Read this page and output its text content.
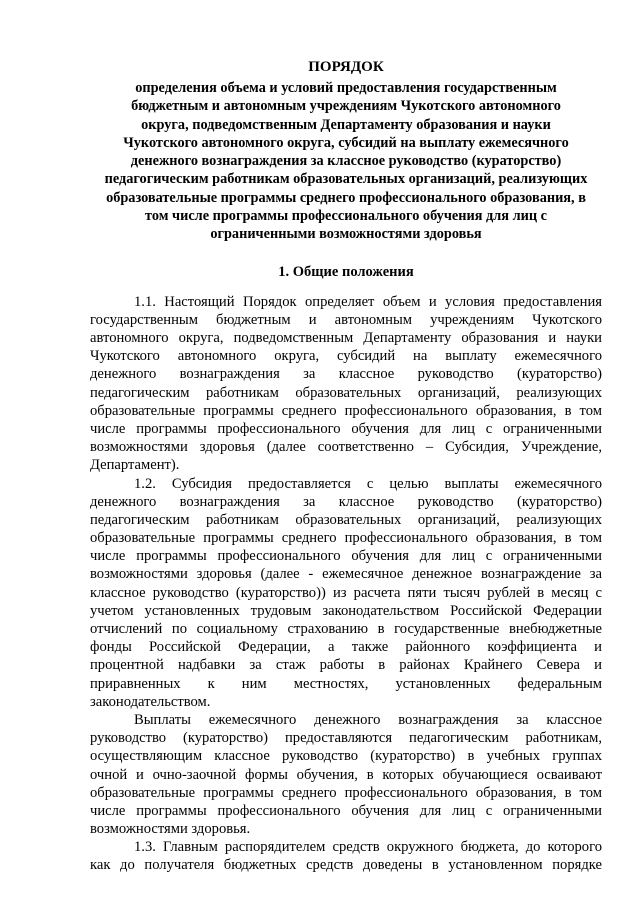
ПОРЯДОК
определения объема и условий предоставления государственным
бюджетным и автономным учреждениям Чукотского автономного
округа, подведомственным Департаменту образования и науки
Чукотского автономного округа, субсидий на выплату ежемесячного
денежного вознаграждения за классное руководство (кураторство)
педагогическим работникам образовательных организаций, реализующих
образовательные программы среднего профессионального образования, в
том числе программы профессионального обучения для лиц с
ограниченными возможностями здоровья
1. Общие положения

1.1. Настоящий Порядок определяет объем и условия предоставления
государственным бюджетным и автономным учреждениям Чукотского
автономного округа, подведомственным Департаменту образования и науки
Чукотского автономного округа, субсидий на выплату ежемесячного
денежного вознаграждения за классное руководство (кураторство)
педагогическим работникам образовательных организаций, реализующих
образовательные программы среднего профессионального образования, в том
числе программы профессионального обучения для лиц с ограниченными
возможностями здоровья (далее соответственно – Субсидия, Учреждение,
Департамент).

1.2. Субсидия предоставляется с целью выплаты ежемесячного
денежного вознаграждения за классное руководство (кураторство)
педагогическим работникам образовательных организаций, реализующих
образовательные программы среднего профессионального образования, в том
числе программы профессионального обучения для лиц с ограниченными
возможностями здоровья (далее - ежемесячное денежное вознаграждение за
классное руководство (кураторство)) из расчета пяти тысяч рублей в месяц с
учетом установленных трудовым законодательством Российской Федерации
отчислений по социальному страхованию в государственные внебюджетные
фонды Российской Федерации, а также районного коэффициента и
процентной надбавки за стаж работы в районах Крайнего Севера и
приравненных к ним местностях, установленных федеральным
законодательством.

Выплаты ежемесячного денежного вознаграждения за классное
руководство (кураторство) предоставляются педагогическим работникам,
осуществляющим классное руководство (кураторство) в учебных группах
очной и очно-заочной формы обучения, в которых обучающиеся осваивают
образовательные программы среднего профессионального образования, в том
числе программы профессионального обучения для лиц с ограниченными
возможностями здоровья.

1.3. Главным распорядителем средств окружного бюджета, до которого
как до получателя бюджетных средств доведены в установленном порядке
